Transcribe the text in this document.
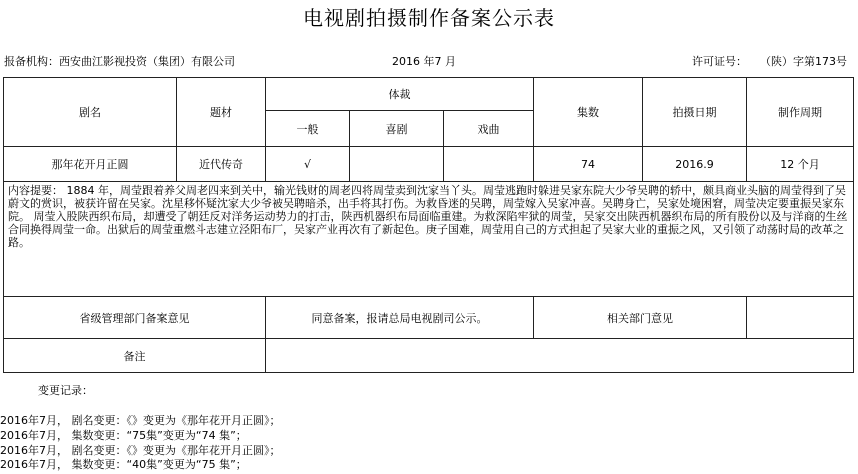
电视剧拍摄制作备案公示表
报备机构：西安曲江影视投资（集团）有限公司	2016 年7 月	许可证号： （陕）字第173号
剧名	题材	体裁			集数	拍摄日期	制作周期
		一般	喜剧	戏曲			
那年花开月正圆	近代传奇	√			74	2016.9	12 个月
内容提要： 1884 年，周莹跟着养父周老四来到关中，输光钱财的周老四将周莹卖到沈家当丫头。周莹逃跑时躲进吴家东院大少爷吴聘的轿中，颇具商业头脑的周莹得到了吴蔚文的赏识，被获许留在吴家。沈星移怀疑沈家大少爷被吴聘暗杀，出手将其打伤。为救昏迷的吴聘，周莹嫁入吴家冲喜。吴聘身亡，吴家处境困窘，周莹决定要重振吴家东院。 周莹入股陕西织布局，却遭受了朝廷反对洋务运动势力的打击，陕西机器织布局面临重建。为救深陷牢狱的周莹，吴家交出陕西机器织布局的所有股份以及与洋商的生丝合同换得周莹一命。出狱后的周莹重燃斗志建立泾阳布厂，吴家产业再次有了新起色。庚子国难，周莹用自己的方式担起了吴家大业的重振之风，又引领了动荡时局的改革之路。							
省级管理部门备案意见		同意备案，报请总局电视剧司公示。			相关部门意见		
备注							
变更记录：
2016年7月， 剧名变更：《》变更为《那年花开月正圆》；
2016年7月， 集数变更：“75集”变更为“74 集”；
2016年7月， 剧名变更：《》变更为《那年花开月正圆》；
2016年7月， 集数变更：“40集”变更为“75 集”；
